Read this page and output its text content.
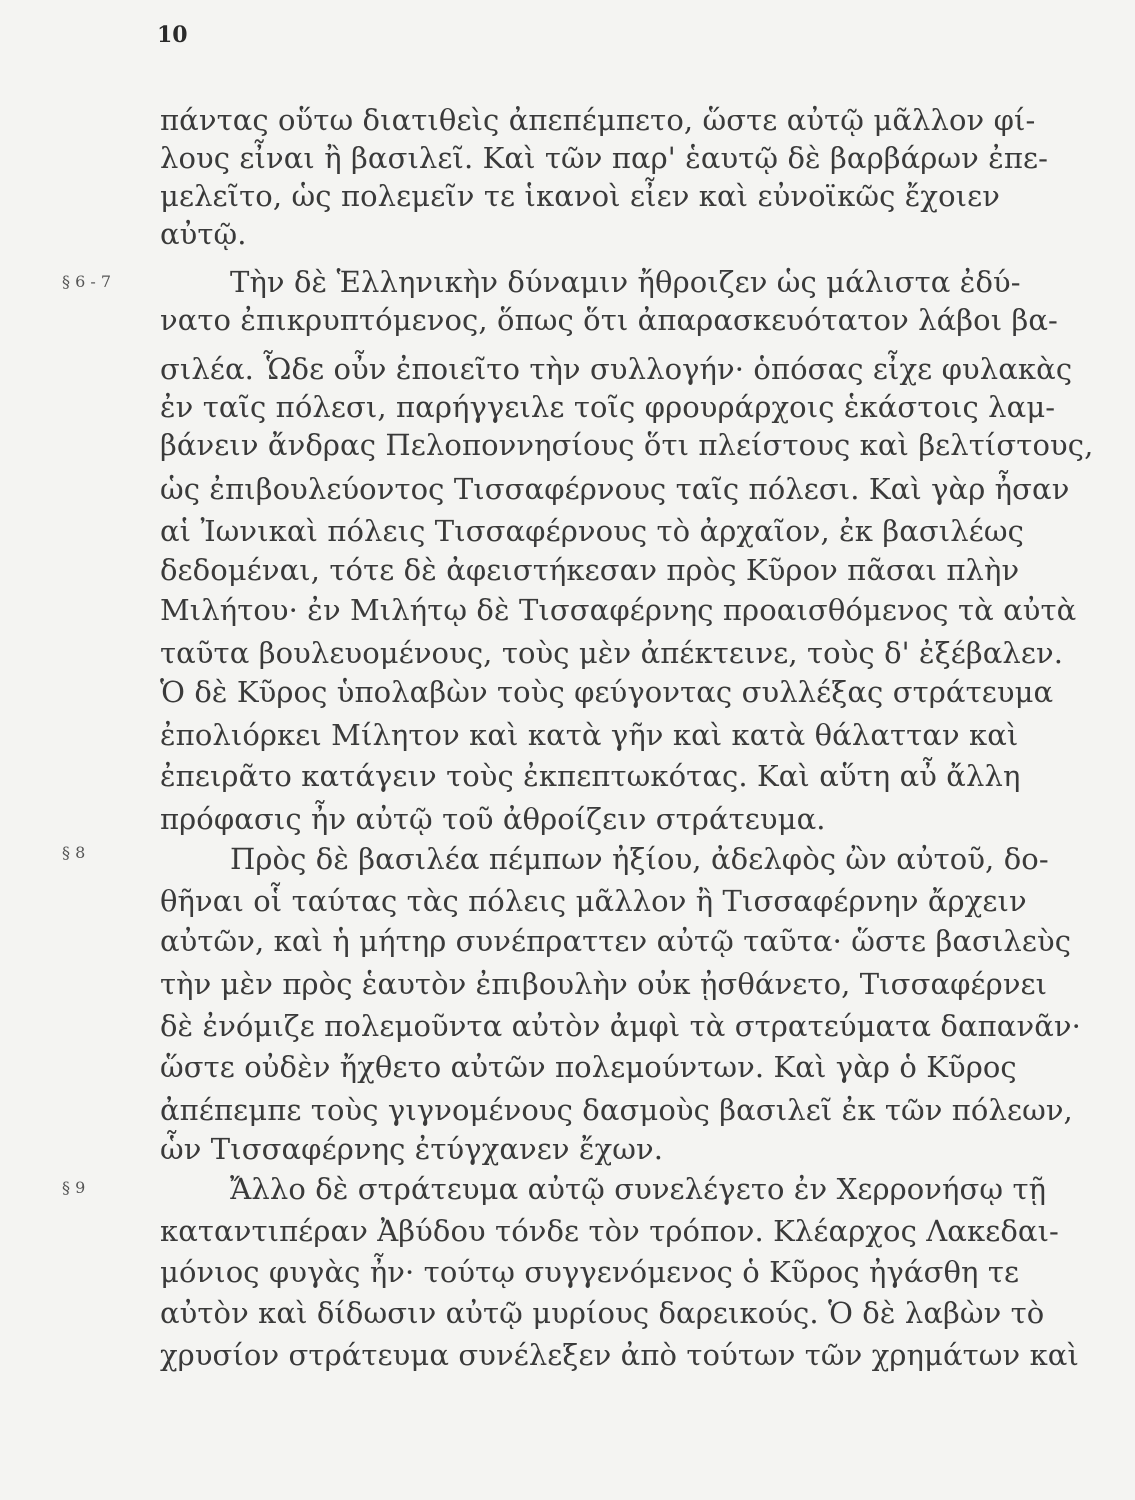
10
§ 6 - 7
§ 8
§ 9
πάντας οὕτω διατιθεὶς ἀπεπέμπετο, ὥστε αὐτῷ μᾶλλον φί-
λους εἶναι ἢ βασιλεῖ. Καὶ τῶν παρ' ἑαυτῷ δὲ βαρβάρων ἐπε-
μελεῖτο, ὡς πολεμεῖν τε ἱκανοὶ εἶεν καὶ εὐνοϊκῶς ἔχοιεν
αὐτῷ.
Τὴν δὲ Ἑλληνικὴν δύναμιν ἤθροιζεν ὡς μάλιστα ἐδύ-
νατο ἐπικρυπτόμενος, ὅπως ὅτι ἀπαρασκευότατον λάβοι βα-
σιλέα. Ὧδε οὖν ἐποιεῖτο τὴν συλλογήν· ὁπόσας εἶχε φυλακὰς
ἐν ταῖς πόλεσι, παρήγγειλε τοῖς φρουράρχοις ἑκάστοις λαμ-
βάνειν ἄνδρας Πελοποννησίους ὅτι πλείστους καὶ βελτίστους,
ὡς ἐπιβουλεύοντος Τισσαφέρνους ταῖς πόλεσι. Καὶ γὰρ ἦσαν
αἱ Ἰωνικαὶ πόλεις Τισσαφέρνους τὸ ἀρχαῖον, ἐκ βασιλέως
δεδομέναι, τότε δὲ ἀφειστήκεσαν πρὸς Κῦρον πᾶσαι πλὴν
Μιλήτου· ἐν Μιλήτῳ δὲ Τισσαφέρνης προαισθόμενος τὰ αὐτὰ
ταῦτα βουλευομένους, τοὺς μὲν ἀπέκτεινε, τοὺς δ' ἐξέβαλεν.
Ὁ δὲ Κῦρος ὑπολαβὼν τοὺς φεύγοντας συλλέξας στράτευμα
ἐπολιόρκει Μίλητον καὶ κατὰ γῆν καὶ κατὰ θάλατταν καὶ
ἐπειρᾶτο κατάγειν τοὺς ἐκπεπτωκότας. Καὶ αὕτη αὖ ἄλλη
πρόφασις ἦν αὐτῷ τοῦ ἀθροίζειν στράτευμα.
Πρὸς δὲ βασιλέα πέμπων ἠξίου, ἀδελφὸς ὢν αὐτοῦ, δο-
θῆναι οἷ ταύτας τὰς πόλεις μᾶλλον ἢ Τισσαφέρνην ἄρχειν
αὐτῶν, καὶ ἡ μήτηρ συνέπραττεν αὐτῷ ταῦτα· ὥστε βασιλεὺς
τὴν μὲν πρὸς ἑαυτὸν ἐπιβουλὴν οὐκ ᾐσθάνετο, Τισσαφέρνει
δὲ ἐνόμιζε πολεμοῦντα αὐτὸν ἀμφὶ τὰ στρατεύματα δαπανᾶν·
ὥστε οὐδὲν ἤχθετο αὐτῶν πολεμούντων. Καὶ γὰρ ὁ Κῦρος
ἀπέπεμπε τοὺς γιγνομένους δασμοὺς βασιλεῖ ἐκ τῶν πόλεων,
ὧν Τισσαφέρνης ἐτύγχανεν ἔχων.
Ἄλλο δὲ στράτευμα αὐτῷ συνελέγετο ἐν Χερρονήσῳ τῇ
καταντιπέραν Ἀβύδου τόνδε τὸν τρόπον. Κλέαρχος Λακεδαι-
μόνιος φυγὰς ἦν· τούτῳ συγγενόμενος ὁ Κῦρος ἠγάσθη τε
αὐτὸν καὶ δίδωσιν αὐτῷ μυρίους δαρεικούς. Ὁ δὲ λαβὼν τὸ
χρυσίον στράτευμα συνέλεξεν ἀπὸ τούτων τῶν χρημάτων καὶ
